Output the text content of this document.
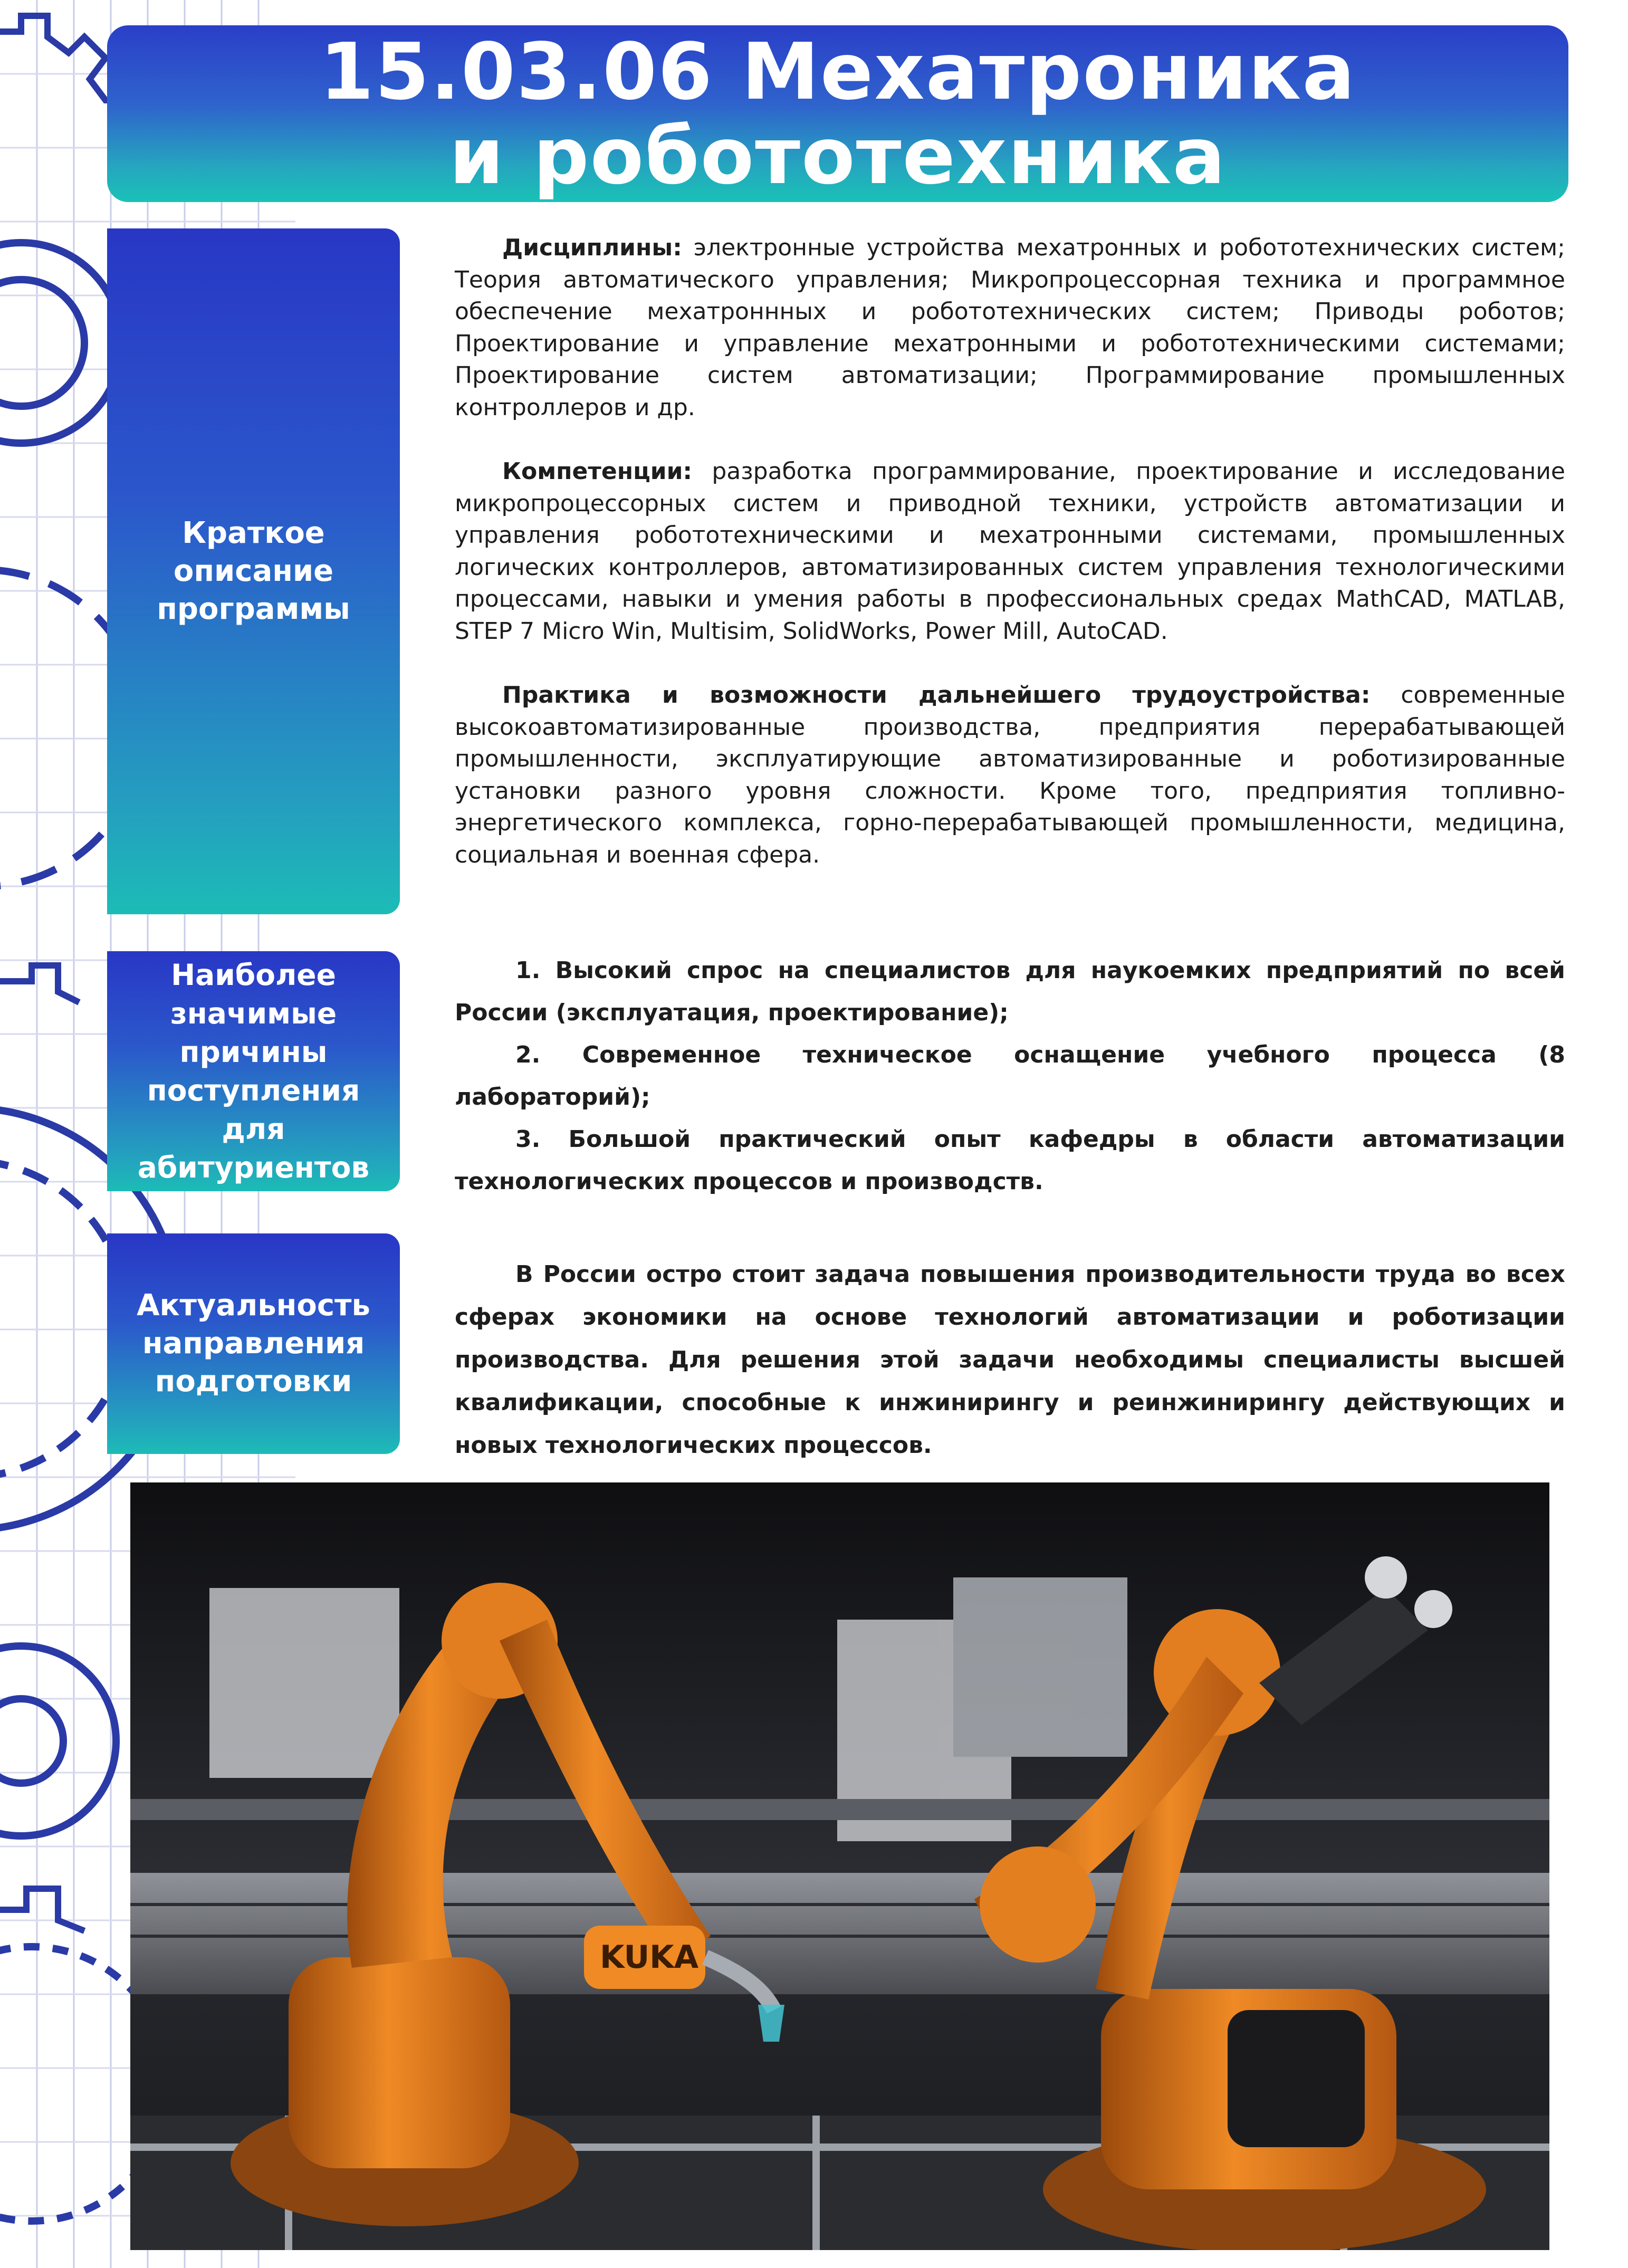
15.03.06 Мехатроника
и робототехника
Краткое
описание
программы
Наиболее
значимые
причины
поступления
для
абитуриентов
Актуальность
направления
подготовки

Дисциплины: электронные устройства мехатронных и робототехнических систем; Теория автоматического управления; Микропроцессорная техника и программное обеспечение мехатроннных и робототехнических систем; Приводы роботов; Проектирование и управление мехатронными и робототехническими системами; Проектирование систем автоматизации; Программирование промышленных контроллеров и др.

Компетенции: разработка программирование, проектирование и исследование микропроцессорных систем и приводной техники, устройств автоматизации и управления робототехническими и мехатронными системами, промышленных логических контроллеров, автоматизированных систем управления технологическими процессами, навыки и умения работы в профессиональных средах MathCAD, MATLAB, STEP 7 Micro Win, Multisim, SolidWorks, Power Mill, AutoCAD.

Практика и возможности дальнейшего трудоустройства: современные высокоавтоматизированные производства, предприятия перерабатывающей промышленности, эксплуатирующие автоматизированные и роботизированные установки разного уровня сложности. Кроме того, предприятия топливно-энергетического комплекса, горно-перерабатывающей промышленности, медицина, социальная и военная сфера.

1. Высокий спрос на специалистов для наукоемких предприятий по всей России (эксплуатация, проектирование);

2. Современное техническое оснащение учебного процесса (8 лабораторий);

3. Большой практический опыт кафедры в области автоматизации технологических процессов и производств.

В России остро стоит задача повышения производительности труда во всех сферах экономики на основе технологий автоматизации и роботизации производства. Для решения этой задачи необходимы специалисты высшей квалификации, способные к инжинирингу и реинжинирингу действующих и новых технологических процессов.

KUKA
